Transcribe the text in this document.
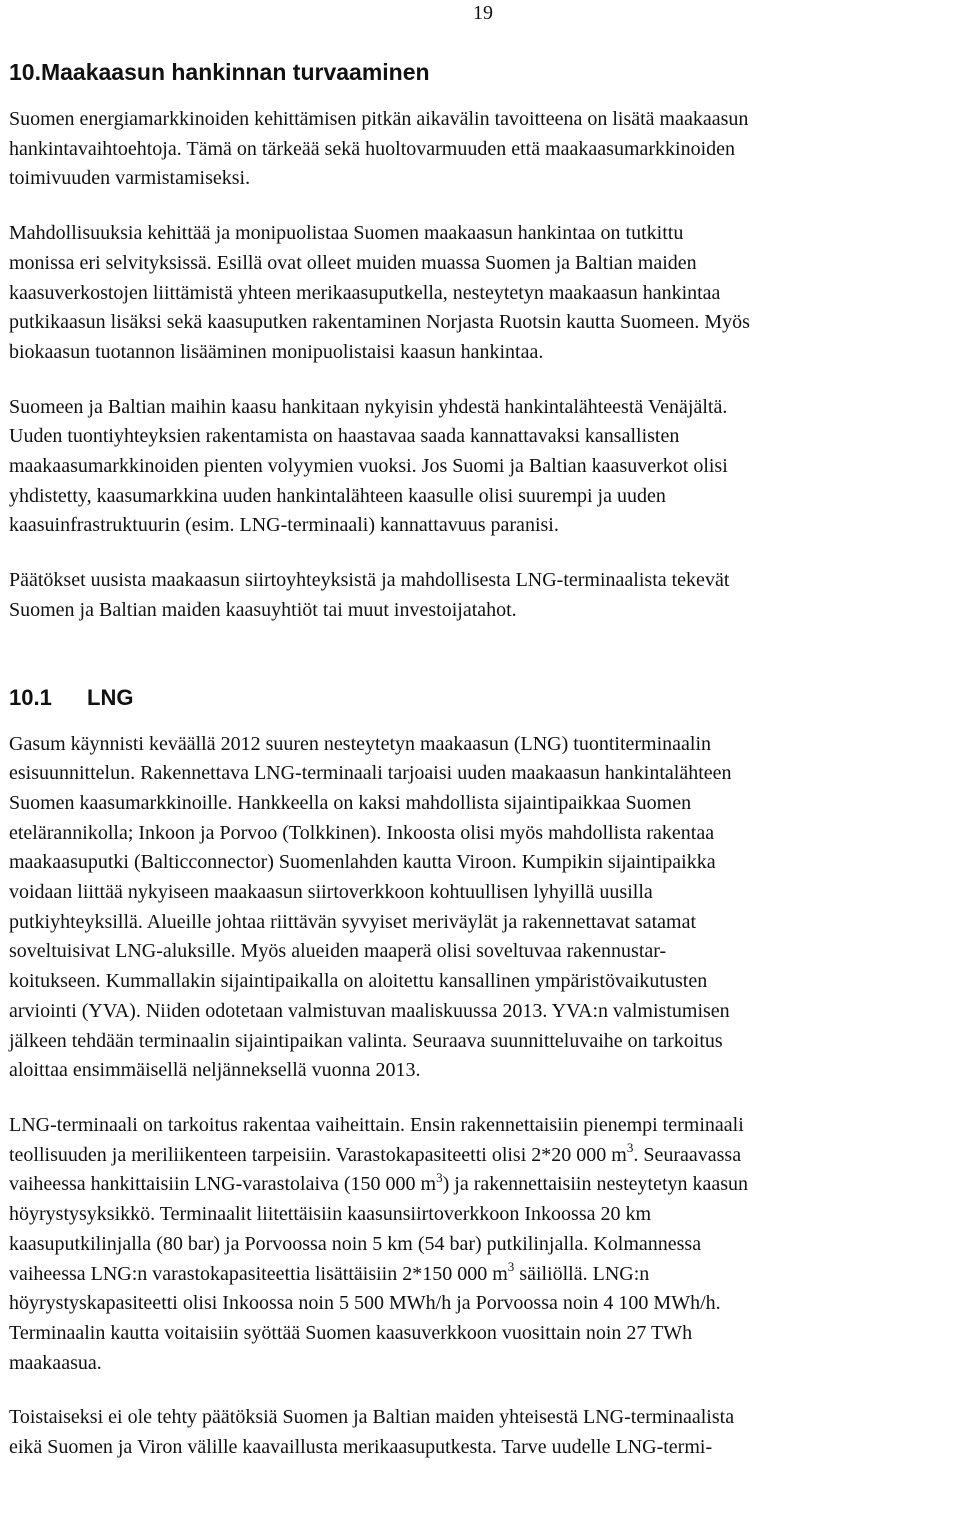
19
10.Maakaasun hankinnan turvaaminen

Suomen energiamarkkinoiden kehittämisen pitkän aikavälin tavoitteena on lisätä maakaasun
hankintavaihtoehtoja. Tämä on tärkeää sekä huoltovarmuuden että maakaasumarkkinoiden
toimivuuden varmistamiseksi.

Mahdollisuuksia kehittää ja monipuolistaa Suomen maakaasun hankintaa on tutkittu
monissa eri selvityksissä. Esillä ovat olleet muiden muassa Suomen ja Baltian maiden
kaasuverkostojen liittämistä yhteen merikaasuputkella, nesteytetyn maakaasun hankintaa
putkikaasun lisäksi sekä kaasuputken rakentaminen Norjasta Ruotsin kautta Suomeen. Myös
biokaasun tuotannon lisääminen monipuolistaisi kaasun hankintaa.

Suomeen ja Baltian maihin kaasu hankitaan nykyisin yhdestä hankintalähteestä Venäjältä.
Uuden tuontiyhteyksien rakentamista on haastavaa saada kannattavaksi kansallisten
maakaasumarkkinoiden pienten volyymien vuoksi. Jos Suomi ja Baltian kaasuverkot olisi
yhdistetty, kaasumarkkina uuden hankintalähteen kaasulle olisi suurempi ja uuden
kaasuinfrastruktuurin (esim. LNG-terminaali) kannattavuus paranisi.

Päätökset uusista maakaasun siirtoyhteyksistä ja mahdollisesta LNG-terminaalista tekevät
Suomen ja Baltian maiden kaasuyhtiöt tai muut investoijatahot.

10.1	LNG

Gasum käynnisti keväällä 2012 suuren nesteytetyn maakaasun (LNG) tuontiterminaalin
esisuunnittelun. Rakennettava LNG-terminaali tarjoaisi uuden maakaasun hankintalähteen
Suomen kaasumarkkinoille. Hankkeella on kaksi mahdollista sijaintipaikkaa Suomen
etelärannikolla; Inkoon ja Porvoo (Tolkkinen). Inkoosta olisi myös mahdollista rakentaa
maakaasuputki (Balticconnector) Suomenlahden kautta Viroon. Kumpikin sijaintipaikka
voidaan liittää nykyiseen maakaasun siirtoverkkoon kohtuullisen lyhyillä uusilla
putkiyhteyksillä. Alueille johtaa riittävän syvyiset meriväylät ja rakennettavat satamat
soveltuisivat LNG-aluksille. Myös alueiden maaperä olisi soveltuvaa rakennustar-
koitukseen. Kummallakin sijaintipaikalla on aloitettu kansallinen ympäristövaikutusten
arviointi (YVA). Niiden odotetaan valmistuvan maaliskuussa 2013. YVA:n valmistumisen
jälkeen tehdään terminaalin sijaintipaikan valinta. Seuraava suunnitteluvaihe on tarkoitus
aloittaa ensimmäisellä neljänneksellä vuonna 2013.

LNG-terminaali on tarkoitus rakentaa vaiheittain. Ensin rakennettaisiin pienempi terminaali
teollisuuden ja meriliikenteen tarpeisiin. Varastokapasiteetti olisi 2*20 000 $m^3$. Seuraavassa
vaiheessa hankittaisiin LNG-varastolaiva (150 000 $m^3$) ja rakennettaisiin nesteytetyn kaasun
höyrystysyksikkö. Terminaalit liitettäisiin kaasunsiirtoverkkoon Inkoossa 20 km
kaasuputkilinjalla (80 bar) ja Porvoossa noin 5 km (54 bar) putkilinjalla. Kolmannessa
vaiheessa LNG:n varastokapasiteettia lisättäisiin 2*150 000 $m^3$ säiliöllä. LNG:n
höyrystyskapasiteetti olisi Inkoossa noin 5 500 MWh/h ja Porvoossa noin 4 100 MWh/h.
Terminaalin kautta voitaisiin syöttää Suomen kaasuverkkoon vuosittain noin 27 TWh
maakaasua.

Toistaiseksi ei ole tehty päätöksiä Suomen ja Baltian maiden yhteisestä LNG-terminaalista
eikä Suomen ja Viron välille kaavaillusta merikaasuputkesta. Tarve uudelle LNG-termi-
